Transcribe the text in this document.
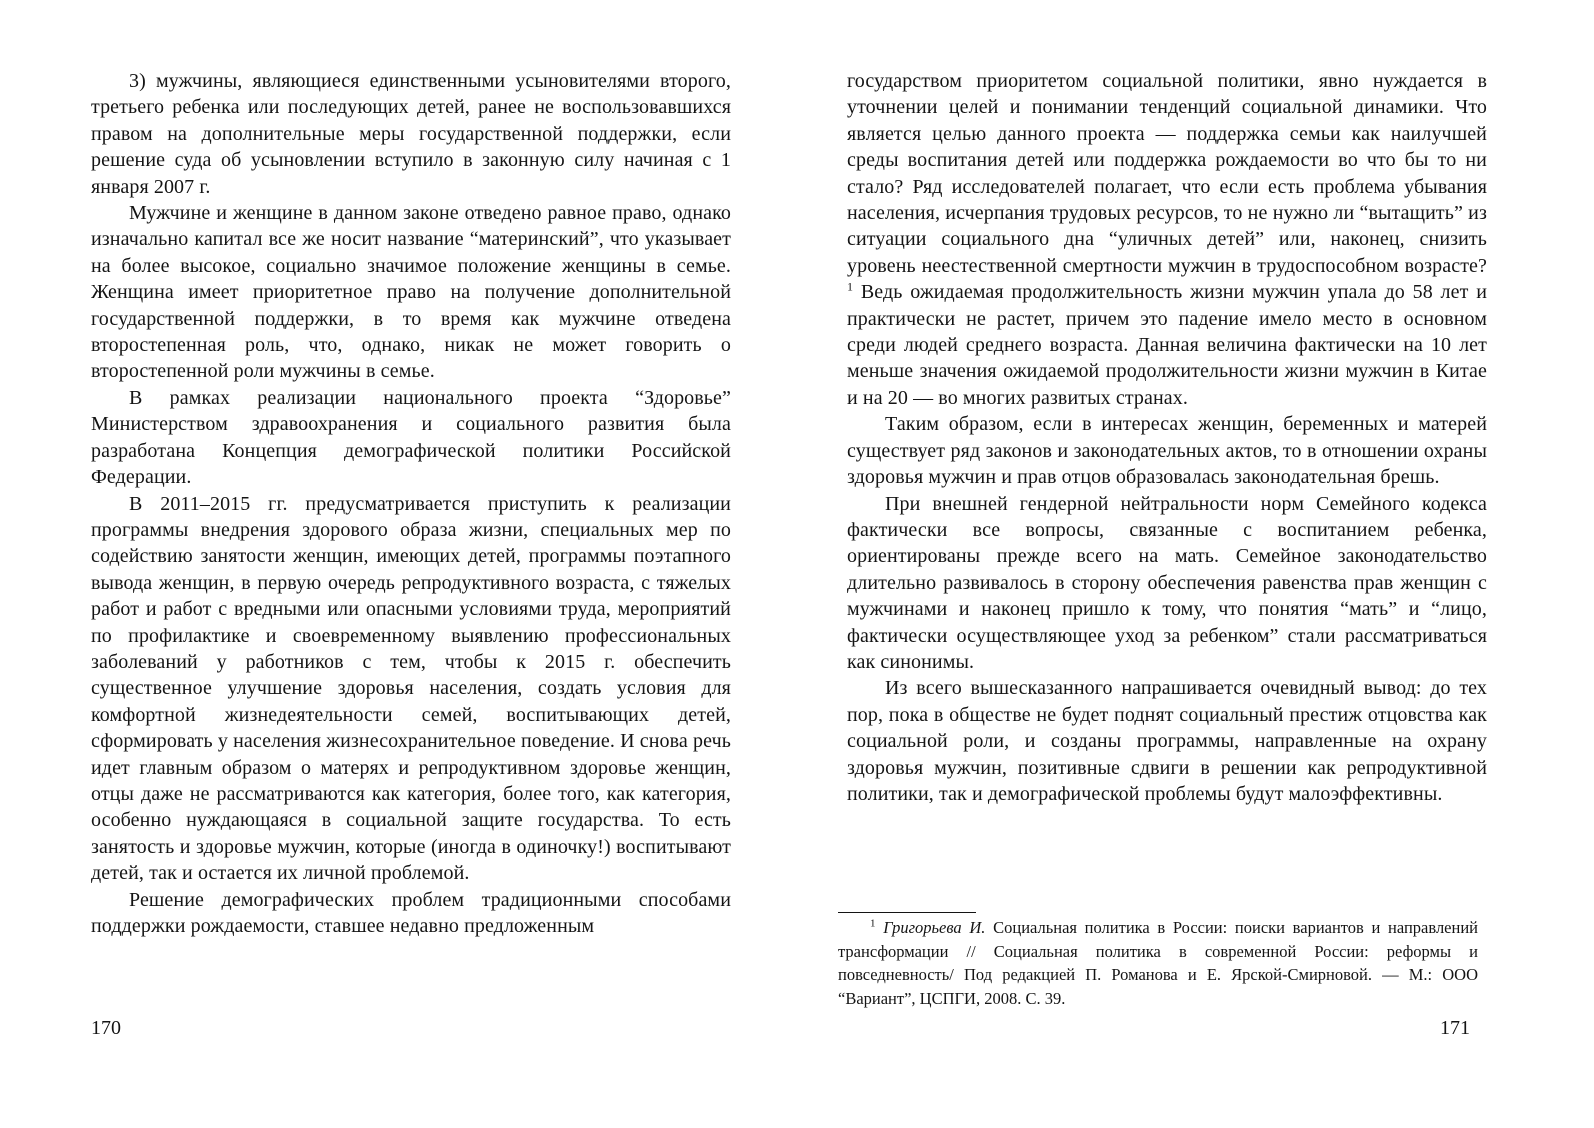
3) мужчины, являющиеся единственными усыновителями второго, третьего ребенка или последующих детей, ранее не воспользовавшихся правом на дополнительные меры государственной поддержки, если решение суда об усыновлении вступило в законную силу начиная с 1 января 2007 г.

Мужчине и женщине в данном законе отведено равное право, однако изначально капитал все же носит название “материнский”, что указывает на более высокое, социально значимое положение женщины в семье. Женщина имеет приоритетное право на получение дополнительной государственной поддержки, в то время как мужчине отведена второстепенная роль, что, однако, никак не может говорить о второстепенной роли мужчины в семье.

В рамках реализации национального проекта “Здоровье” Министерством здравоохранения и социального развития была разработана Концепция демографической политики Российской Федерации.

В 2011–2015 гг. предусматривается приступить к реализации программы внедрения здорового образа жизни, специальных мер по содействию занятости женщин, имеющих детей, программы поэтапного вывода женщин, в первую очередь репродуктивного возраста, с тяжелых работ и работ с вредными или опасными условиями труда, мероприятий по профилактике и своевременному выявлению профессиональных заболеваний у работников с тем, чтобы к 2015 г. обеспечить существенное улучшение здоровья населения, создать условия для комфортной жизнедеятельности семей, воспитывающих детей, сформировать у населения жизнесохранительное поведение. И снова речь идет главным образом о матерях и репродуктивном здоровье женщин, отцы даже не рассматриваются как категория, более того, как категория, особенно нуждающаяся в социальной защите государства. То есть занятость и здоровье мужчин, которые (иногда в одиночку!) воспитывают детей, так и остается их личной проблемой.

Решение демографических проблем традиционными способами поддержки рождаемости, ставшее недавно предложенным

170

государством приоритетом социальной политики, явно нуждается в уточнении целей и понимании тенденций социальной динамики. Что является целью данного проекта — поддержка семьи как наилучшей среды воспитания детей или поддержка рождаемости во что бы то ни стало? Ряд исследователей полагает, что если есть проблема убывания населения, исчерпания трудовых ресурсов, то не нужно ли “вытащить” из ситуации социального дна “уличных детей” или, наконец, снизить уровень неестественной смертности мужчин в трудоспособном возрасте?$^1$ Ведь ожидаемая продолжительность жизни мужчин упала до 58 лет и практически не растет, причем это падение имело место в основном среди людей среднего возраста. Данная величина фактически на 10 лет меньше значения ожидаемой продолжительности жизни мужчин в Китае и на 20 — во многих развитых странах.

Таким образом, если в интересах женщин, беременных и матерей существует ряд законов и законодательных актов, то в отношении охраны здоровья мужчин и прав отцов образовалась законодательная брешь.

При внешней гендерной нейтральности норм Семейного кодекса фактически все вопросы, связанные с воспитанием ребенка, ориентированы прежде всего на мать. Семейное законодательство длительно развивалось в сторону обеспечения равенства прав женщин с мужчинами и наконец пришло к тому, что понятия “мать” и “лицо, фактически осуществляющее уход за ребенком” стали рассматриваться как синонимы.

Из всего вышесказанного напрашивается очевидный вывод: до тех пор, пока в обществе не будет поднят социальный престиж отцовства как социальной роли, и созданы программы, направленные на охрану здоровья мужчин, позитивные сдвиги в решении как репродуктивной политики, так и демографической проблемы будут малоэффективны.

171

$^1$ Григорьева И. Социальная политика в России: поиски вариантов и направлений трансформации // Социальная политика в современной России: реформы и повседневность/ Под редакцией П. Романова и Е. Ярской-Смирновой. — М.: ООО “Вариант”, ЦСПГИ, 2008. С. 39.
